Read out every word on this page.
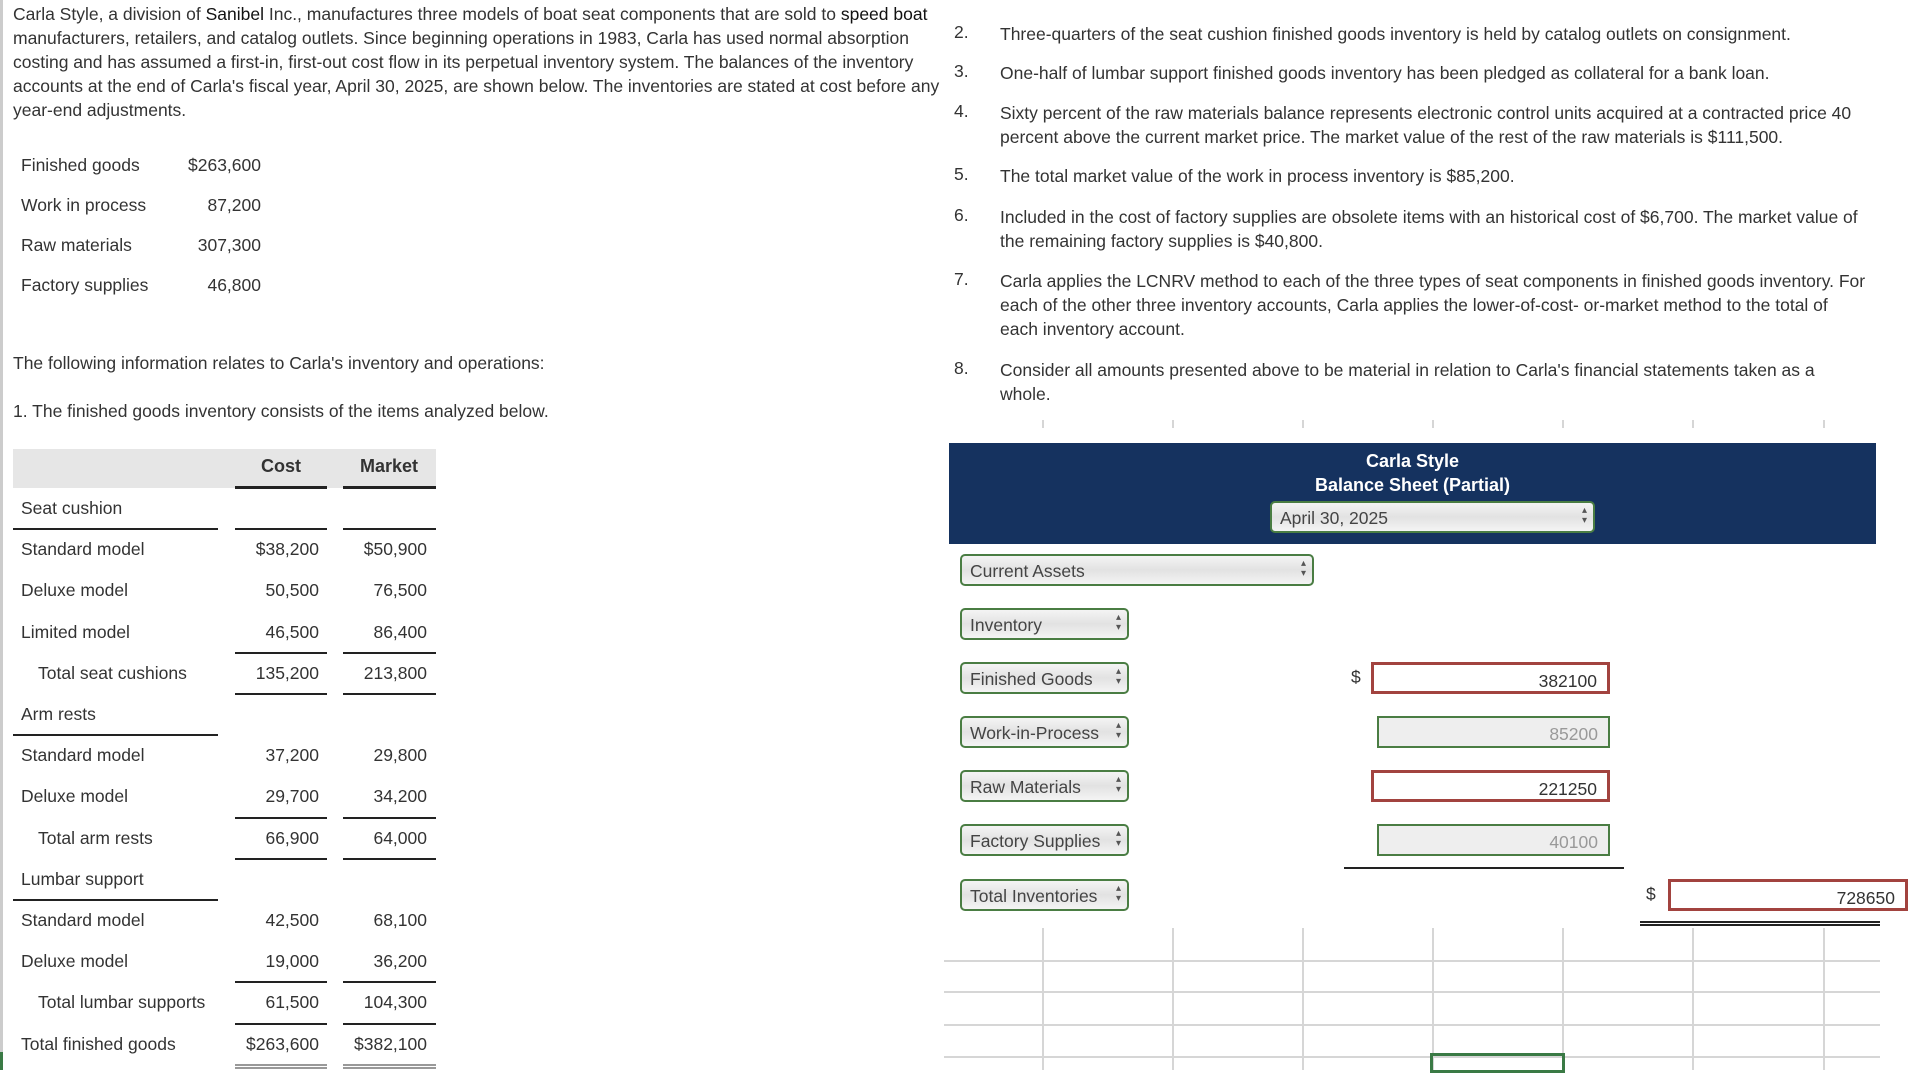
Carla Style, a division of Sanibel Inc., manufactures three models of boat seat components that are sold to speed boat manufacturers, retailers, and catalog outlets. Since beginning operations in 1983, Carla has used normal absorption costing and has assumed a first-in, first-out cost flow in its perpetual inventory system. The balances of the inventory accounts at the end of Carla's fiscal year, April 30, 2025, are shown below. The inventories are stated at cost before any year-end adjustments.
Finished goods	$263,600
Work in process	87,200
Raw materials	307,300
Factory supplies	46,800
The following information relates to Carla's inventory and operations:
1. The finished goods inventory consists of the items analyzed below.
Cost	Market
Seat cushion
Standard model	$38,200	$50,900
Deluxe model	50,500	76,500
Limited model	46,500	86,400
Total seat cushions	135,200	213,800
Arm rests
Standard model	37,200	29,800
Deluxe model	29,700	34,200
Total arm rests	66,900	64,000
Lumbar support
Standard model	42,500	68,100
Deluxe model	19,000	36,200
Total lumbar supports	61,500	104,300
Total finished goods	$263,600 $382,100
2.	Three-quarters of the seat cushion finished goods inventory is held by catalog outlets on consignment.
3.	One-half of lumbar support finished goods inventory has been pledged as collateral for a bank loan.
4.	Sixty percent of the raw materials balance represents electronic control units acquired at a contracted price 40 percent above the current market price. The market value of the rest of the raw materials is $111,500.
5.	The total market value of the work in process inventory is $85,200.
6.	Included in the cost of factory supplies are obsolete items with an historical cost of $6,700. The market value of the remaining factory supplies is $40,800.
7.	Carla applies the LCNRV method to each of the three types of seat components in finished goods inventory. For each of the other three inventory accounts, Carla applies the lower-of-cost- or-market method to the total of each inventory account.
8.	Consider all amounts presented above to be material in relation to Carla's financial statements taken as a whole.
Carla Style
Balance Sheet (Partial)
April 30, 2025 ▴ ▾
Current Assets ▴ ▾
Inventory ▴ ▾
Finished Goods ▴ ▾	$	382100
Work-in-Process ▴ ▾	85200
Raw Materials ▴ ▾	221250
Factory Supplies ▴ ▾	40100
Total Inventories ▴ ▾	$	728650
